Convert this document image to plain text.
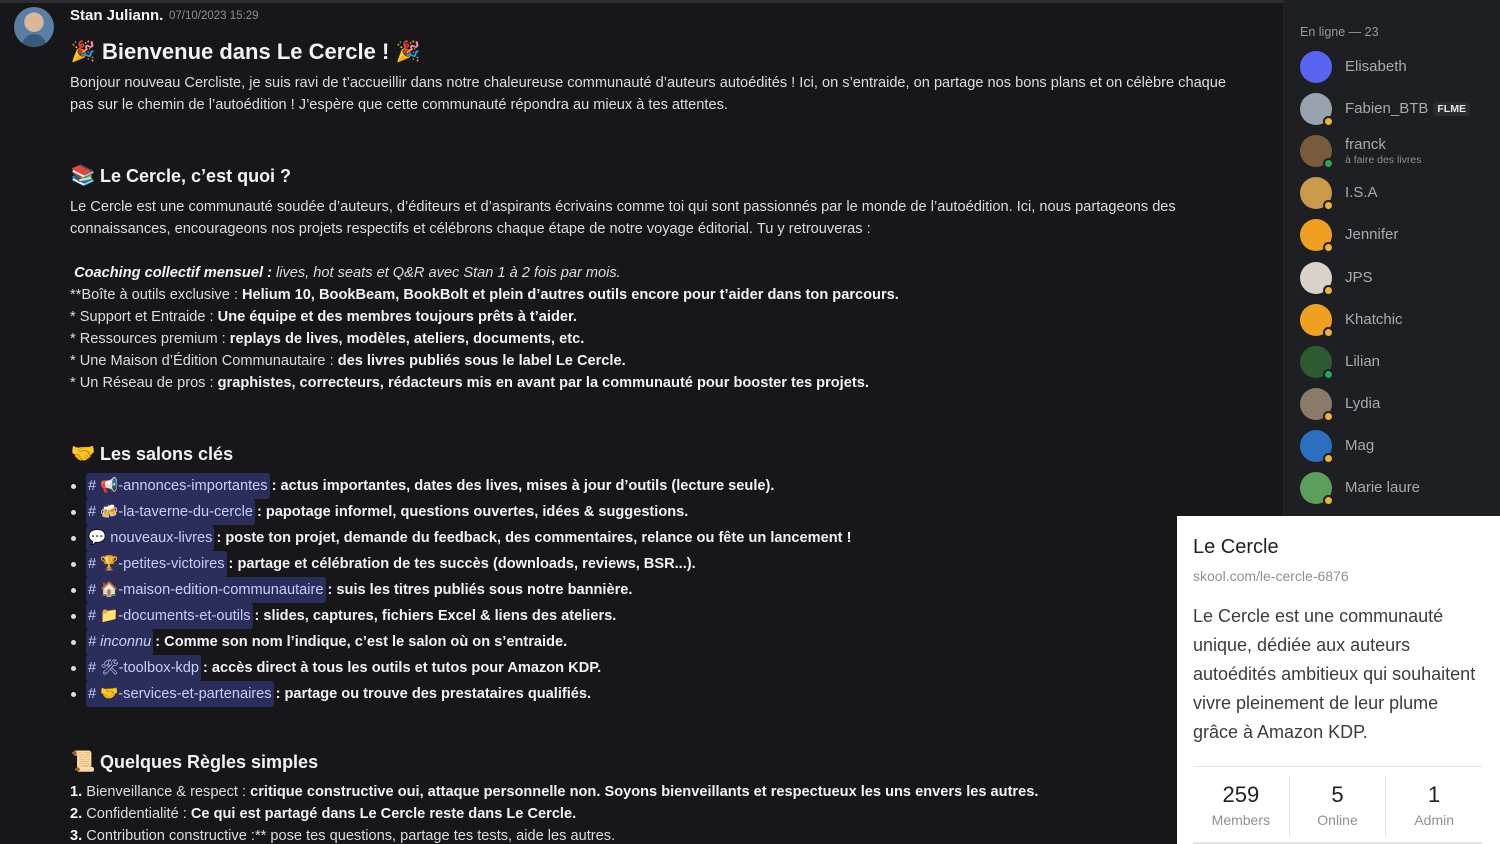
Stan Juliann. 07/10/2023 15:29
🎉 Bienvenue dans Le Cercle ! 🎉
Bonjour nouveau Cercliste, je suis ravi de t’accueillir dans notre chaleureuse communauté d’auteurs autoédités ! Ici, on s’entraide, on partage nos bons plans et on célèbre chaque pas sur le chemin de l’autoédition ! J’espère que cette communauté répondra au mieux à tes attentes.
📚 Le Cercle, c’est quoi ?
Le Cercle est une communauté soudée d’auteurs, d’éditeurs et d’aspirants écrivains comme toi qui sont passionnés par le monde de l’autoédition. Ici, nous partageons des connaissances, encourageons nos projets respectifs et célébrons chaque étape de notre voyage éditorial. Tu y retrouveras :
Coaching collectif mensuel : lives, hot seats et Q&R avec Stan 1 à 2 fois par mois.
**Boîte à outils exclusive : Helium 10, BookBeam, BookBolt et plein d’autres outils encore pour t’aider dans ton parcours.
* Support et Entraide : Une équipe et des membres toujours prêts à t’aider.
* Ressources premium : replays de lives, modèles, ateliers, documents, etc.
* Une Maison d’Édition Communautaire : des livres publiés sous le label Le Cercle.
* Un Réseau de pros : graphistes, correcteurs, rédacteurs mis en avant par la communauté pour booster tes projets.
🤝 Les salons clés
# 📢-annonces-importantes : actus importantes, dates des lives, mises à jour d’outils (lecture seule).
# 🍻-la-taverne-du-cercle : papotage informel, questions ouvertes, idées & suggestions.
💬 nouveaux-livres : poste ton projet, demande du feedback, des commentaires, relance ou fête un lancement !
# 🏆-petites-victoires : partage et célébration de tes succès (downloads, reviews, BSR...).
# 🏠-maison-edition-communautaire : suis les titres publiés sous notre bannière.
# 📁-documents-et-outils : slides, captures, fichiers Excel & liens des ateliers.
# inconnu : Comme son nom l’indique, c’est le salon où on s’entraide.
# 🛠-toolbox-kdp : accès direct à tous les outils et tutos pour Amazon KDP.
# 🤝-services-et-partenaires : partage ou trouve des prestataires qualifiés.
📜 Quelques Règles simples
1. Bienveillance & respect : critique constructive oui, attaque personnelle non. Soyons bienveillants et respectueux les uns envers les autres.
2. Confidentialité : Ce qui est partagé dans Le Cercle reste dans Le Cercle.
3. Contribution constructive :** pose tes questions, partage tes tests, aide les autres.
En ligne — 23
Elisabeth
Fabien_BTB FLME
franck
à faire des livres
I.S.A
Jennifer
JPS
Khatchic
Lilian
Lydia
Mag
Marie laure
Le Cercle
skool.com/le-cercle-6876
Le Cercle est une communauté unique, dédiée aux auteurs autoédités ambitieux qui souhaitent vivre pleinement de leur plume grâce à Amazon KDP.
259
Members
5
Online
1
Admin
